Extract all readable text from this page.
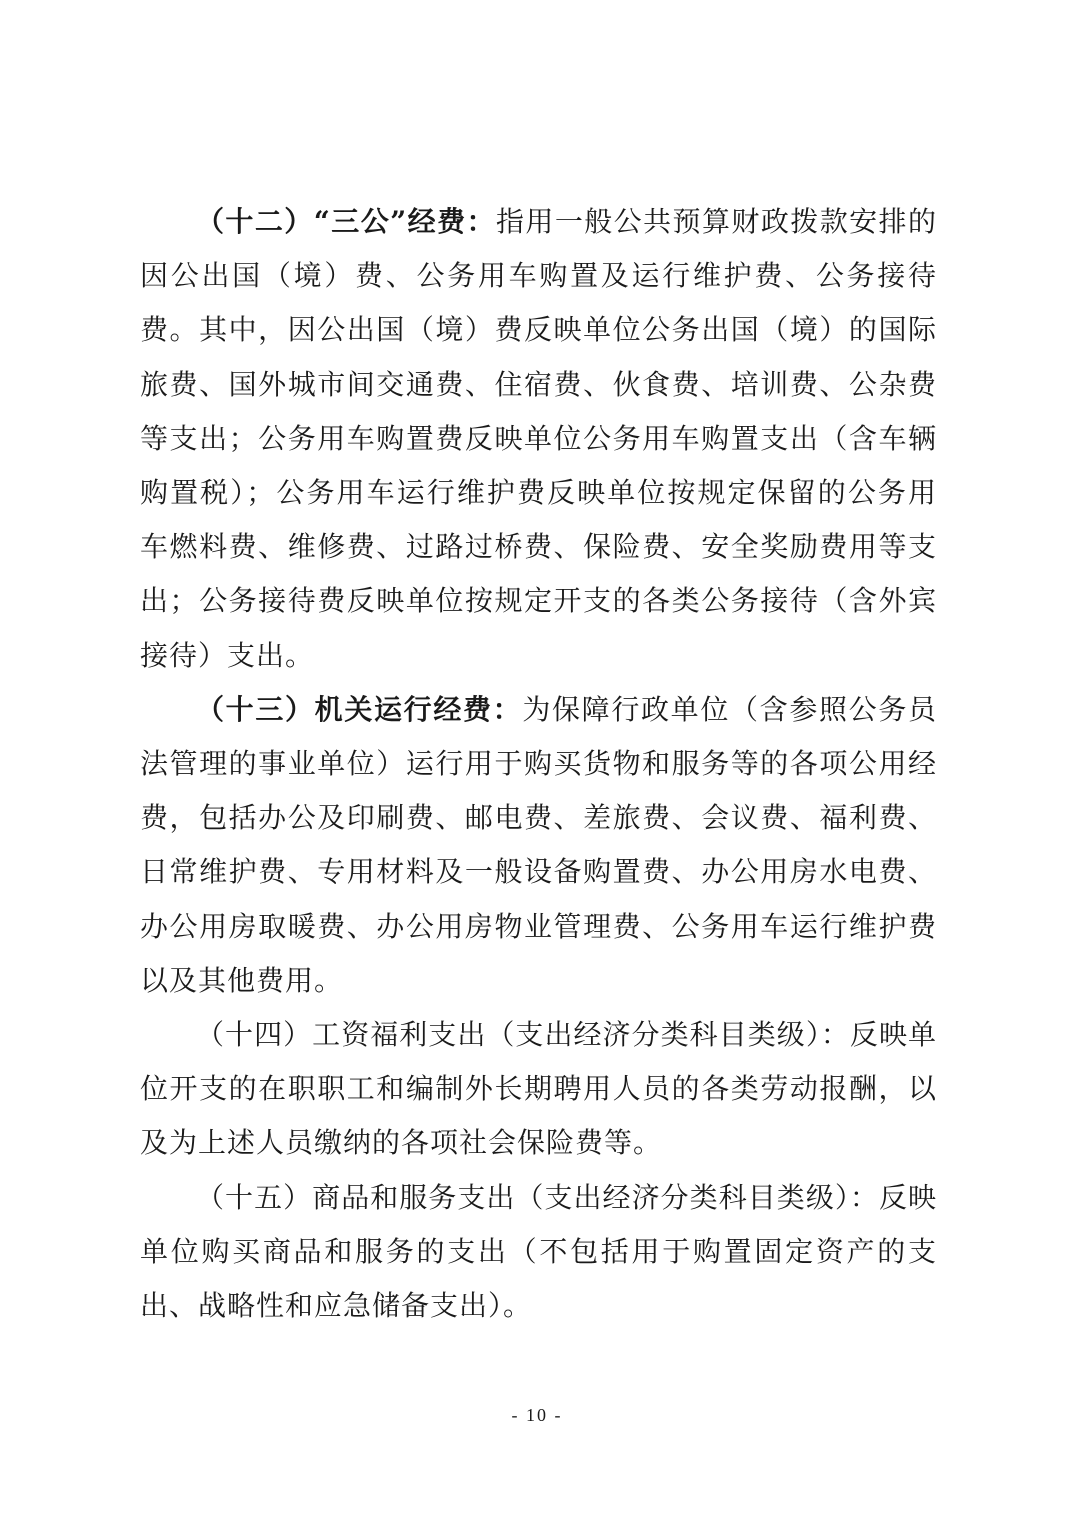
（十二）“三公”经费：指用一般公共预算财政拨款安排的因公出国（境）费、公务用车购置及运行维护费、公务接待费。其中，因公出国（境）费反映单位公务出国（境）的国际旅费、国外城市间交通费、住宿费、伙食费、培训费、公杂费等支出；公务用车购置费反映单位公务用车购置支出（含车辆购置税）；公务用车运行维护费反映单位按规定保留的公务用车燃料费、维修费、过路过桥费、保险费、安全奖励费用等支出；公务接待费反映单位按规定开支的各类公务接待（含外宾接待）支出。

（十三）机关运行经费：为保障行政单位（含参照公务员法管理的事业单位）运行用于购买货物和服务等的各项公用经费，包括办公及印刷费、邮电费、差旅费、会议费、福利费、日常维护费、专用材料及一般设备购置费、办公用房水电费、办公用房取暖费、办公用房物业管理费、公务用车运行维护费以及其他费用。

（十四）工资福利支出（支出经济分类科目类级）：反映单位开支的在职职工和编制外长期聘用人员的各类劳动报酬，以及为上述人员缴纳的各项社会保险费等。

（十五）商品和服务支出（支出经济分类科目类级）：反映单位购买商品和服务的支出（不包括用于购置固定资产的支出、战略性和应急储备支出）。

- 10 -
